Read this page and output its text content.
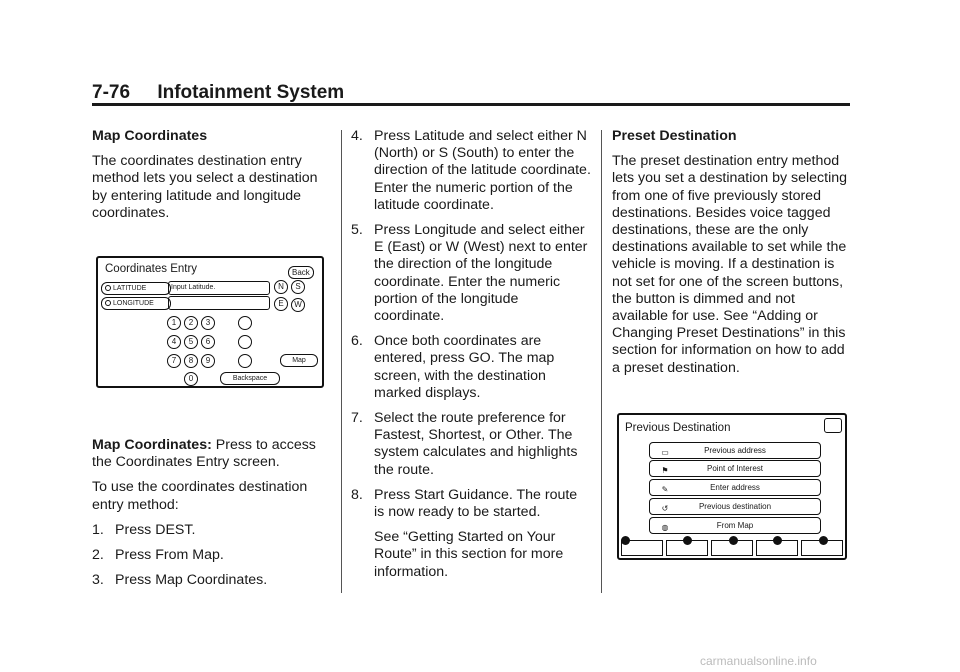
7-76 Infotainment System

Map Coordinates

The coordinates destination entry method lets you select a destination by entering latitude and longitude coordinates.

Map Coordinates: Press to access the Coordinates Entry screen.

To use the coordinates destination entry method:

1. Press DEST.
2. Press From Map.
3. Press Map Coordinates.
4. Press Latitude and select either N (North) or S (South) to enter the direction of the latitude coordinate. Enter the numeric portion of the latitude coordinate.
5. Press Longitude and select either E (East) or W (West) next to enter the direction of the longitude coordinate. Enter the numeric portion of the longitude coordinate.
6. Once both coordinates are entered, press GO. The map screen, with the destination marked displays.
7. Select the route preference for Fastest, Shortest, or Other. The system calculates and highlights the route.
8. Press Start Guidance. The route is now ready to be started.

See “Getting Started on Your Route” in this section for more information.

Preset Destination

The preset destination entry method lets you set a destination by selecting from one of five previously stored destinations. Besides voice tagged destinations, these are the only destinations available to set while the vehicle is moving. If a destination is not set for one of the screen buttons, the button is dimmed and not available for use. See “Adding or Changing Preset Destinations” in this section for information on how to add a preset destination.

Coordinates Entry	Back
LATITUDE	Input Latitude.	N	S
LONGITUDE	E	W
1	2	3
4	5	6
7	8	9	Map
0	Backspace
Previous Destination
▭	Previous address
⚑	Point of Interest
✎	Enter address
↺	Previous destination
◍	From Map
carmanualsonline.info
